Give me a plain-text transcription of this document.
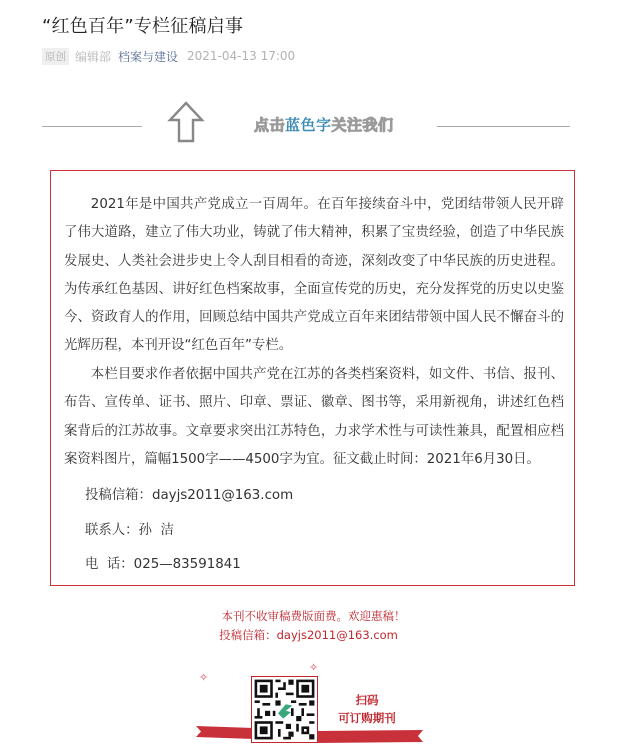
“红色百年”专栏征稿启事
原创 编辑部 档案与建设 2021-04-13 17:00
点击蓝色字关注我们

2021年是中国共产党成立一百周年。在百年接续奋斗中，党团结带领人民开辟了伟大道路，建立了伟大功业，铸就了伟大精神，积累了宝贵经验，创造了中华民族发展史、人类社会进步史上令人刮目相看的奇迹，深刻改变了中华民族的历史进程。为传承红色基因、讲好红色档案故事，全面宣传党的历史，充分发挥党的历史以史鉴今、资政育人的作用，回顾总结中国共产党成立百年来团结带领中国人民不懈奋斗的光辉历程，本刊开设“红色百年”专栏。

本栏目要求作者依据中国共产党在江苏的各类档案资料，如文件、书信、报刊、布告、宣传单、证书、照片、印章、票证、徽章、图书等，采用新视角，讲述红色档案背后的江苏故事。文章要求突出江苏特色，力求学术性与可读性兼具，配置相应档案资料图片，篇幅1500字——4500字为宜。征文截止时间：2021年6月30日。

投稿信箱：dayjs2011@163.com
联系人：孙  洁
电  话：025—83591841
本刊不收审稿费版面费。欢迎惠稿！
投稿信箱：dayjs2011@163.com
✧
✧
扫码
可订购期刊
